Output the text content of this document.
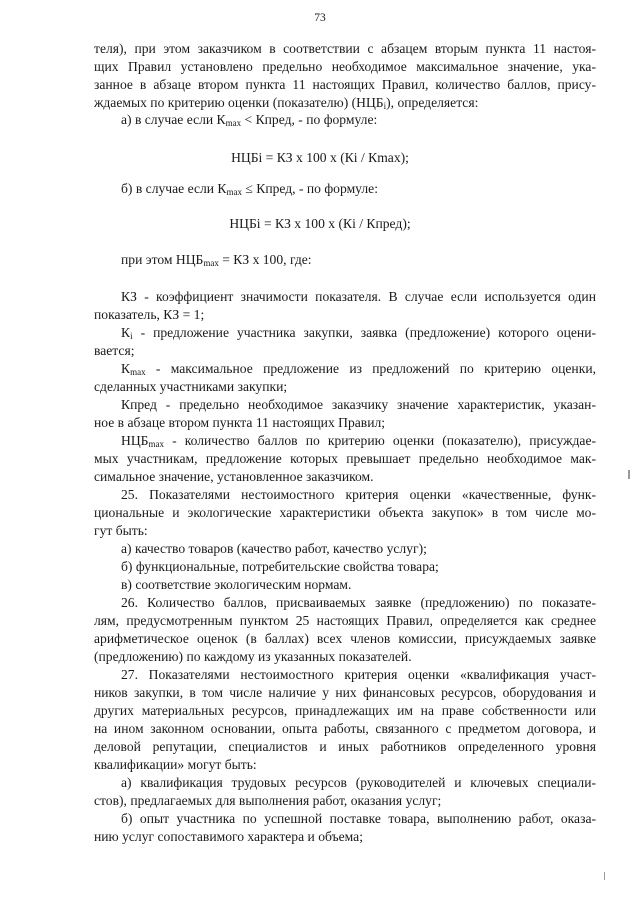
73
теля), при этом заказчиком в соответствии с абзацем вторым пункта 11 настоя-
щих Правил установлено предельно необходимое максимальное значение, ука-
занное в абзаце втором пункта 11 настоящих Правил, количество баллов, прису-
ждаемых по критерию оценки (показателю) $(НЦБ_i)$, определяется:
а) в случае если $К_{max}$ < Кпред, - по формуле:
НЦБi = КЗ x 100 x (Кi / Кmax);
б) в случае если $К_{max}$ ≤ Кпред, - по формуле:
НЦБi = КЗ x 100 x (Кi / Кпред);
при этом $НЦБ_{max}$ = КЗ x 100, где:
КЗ - коэффициент значимости показателя. В случае если используется один
показатель, КЗ = 1;
$К_i$ - предложение участника закупки, заявка (предложение) которого оцени-
вается;
$К_{max}$ - максимальное предложение из предложений по критерию оценки,
сделанных участниками закупки;
Кпред - предельно необходимое заказчику значение характеристик, указан-
ное в абзаце втором пункта 11 настоящих Правил;
$НЦБ_{max}$ - количество баллов по критерию оценки (показателю), присуждае-
мых участникам, предложение которых превышает предельно необходимое мак-
симальное значение, установленное заказчиком.
25. Показателями нестоимостного критерия оценки «качественные, функ-
циональные и экологические характеристики объекта закупок» в том числе мо-
гут быть:
а) качество товаров (качество работ, качество услуг);
б) функциональные, потребительские свойства товара;
в) соответствие экологическим нормам.
26. Количество баллов, присваиваемых заявке (предложению) по показате-
лям, предусмотренным пунктом 25 настоящих Правил, определяется как среднее
арифметическое оценок (в баллах) всех членов комиссии, присуждаемых заявке
(предложению) по каждому из указанных показателей.
27. Показателями нестоимостного критерия оценки «квалификация участ-
ников закупки, в том числе наличие у них финансовых ресурсов, оборудования и
других материальных ресурсов, принадлежащих им на праве собственности или
на ином законном основании, опыта работы, связанного с предметом договора, и
деловой репутации, специалистов и иных работников определенного уровня
квалификации» могут быть:
а) квалификация трудовых ресурсов (руководителей и ключевых специали-
стов), предлагаемых для выполнения работ, оказания услуг;
б) опыт участника по успешной поставке товара, выполнению работ, оказа-
нию услуг сопоставимого характера и объема;
